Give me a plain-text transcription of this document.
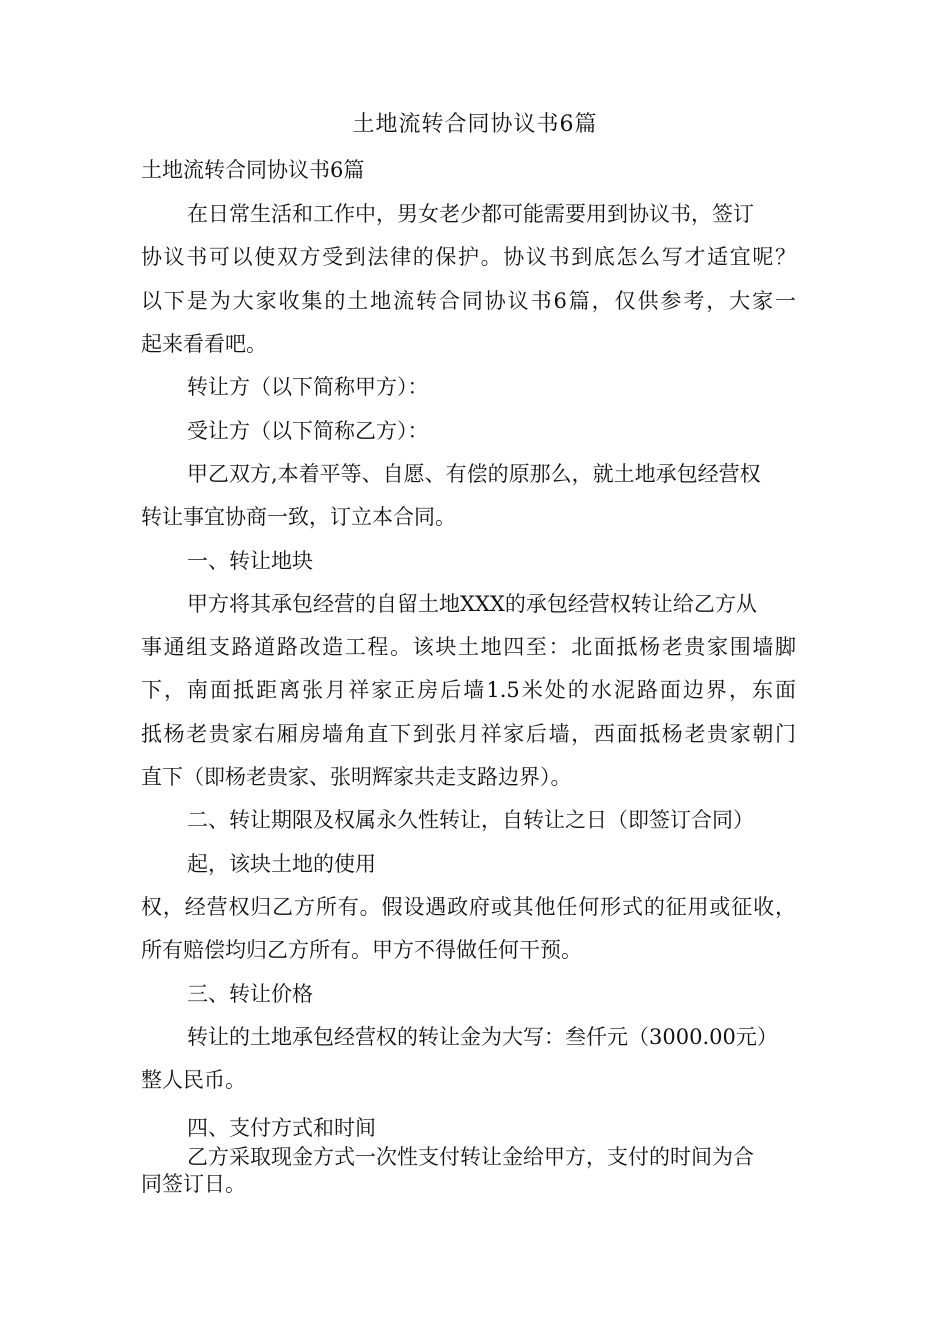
土地流转合同协议书6篇
土地流转合同协议书6篇
在日常生活和工作中，男女老少都可能需要用到协议书，签订
协议书可以使双方受到法律的保护。协议书到底怎么写才适宜呢？
以下是为大家收集的土地流转合同协议书6篇，仅供参考，大家一
起来看看吧。
转让方（以下简称甲方）：
受让方（以下简称乙方）：
甲乙双方,本着平等、自愿、有偿的原那么，就土地承包经营权
转让事宜协商一致，订立本合同。
一、转让地块
甲方将其承包经营的自留土地XXX的承包经营权转让给乙方从
事通组支路道路改造工程。该块土地四至：北面抵杨老贵家围墙脚
下，南面抵距离张月祥家正房后墙1.5米处的水泥路面边界，东面
抵杨老贵家右厢房墙角直下到张月祥家后墙，西面抵杨老贵家朝门
直下（即杨老贵家、张明辉家共走支路边界）。
二、转让期限及权属永久性转让，自转让之日（即签订合同）
起，该块土地的使用
权，经营权归乙方所有。假设遇政府或其他任何形式的征用或征收，
所有赔偿均归乙方所有。甲方不得做任何干预。
三、转让价格
转让的土地承包经营权的转让金为大写：叁仟元（3000.00元）
整人民币。
四、支付方式和时间
乙方采取现金方式一次性支付转让金给甲方，支付的时间为合
同签订日。
